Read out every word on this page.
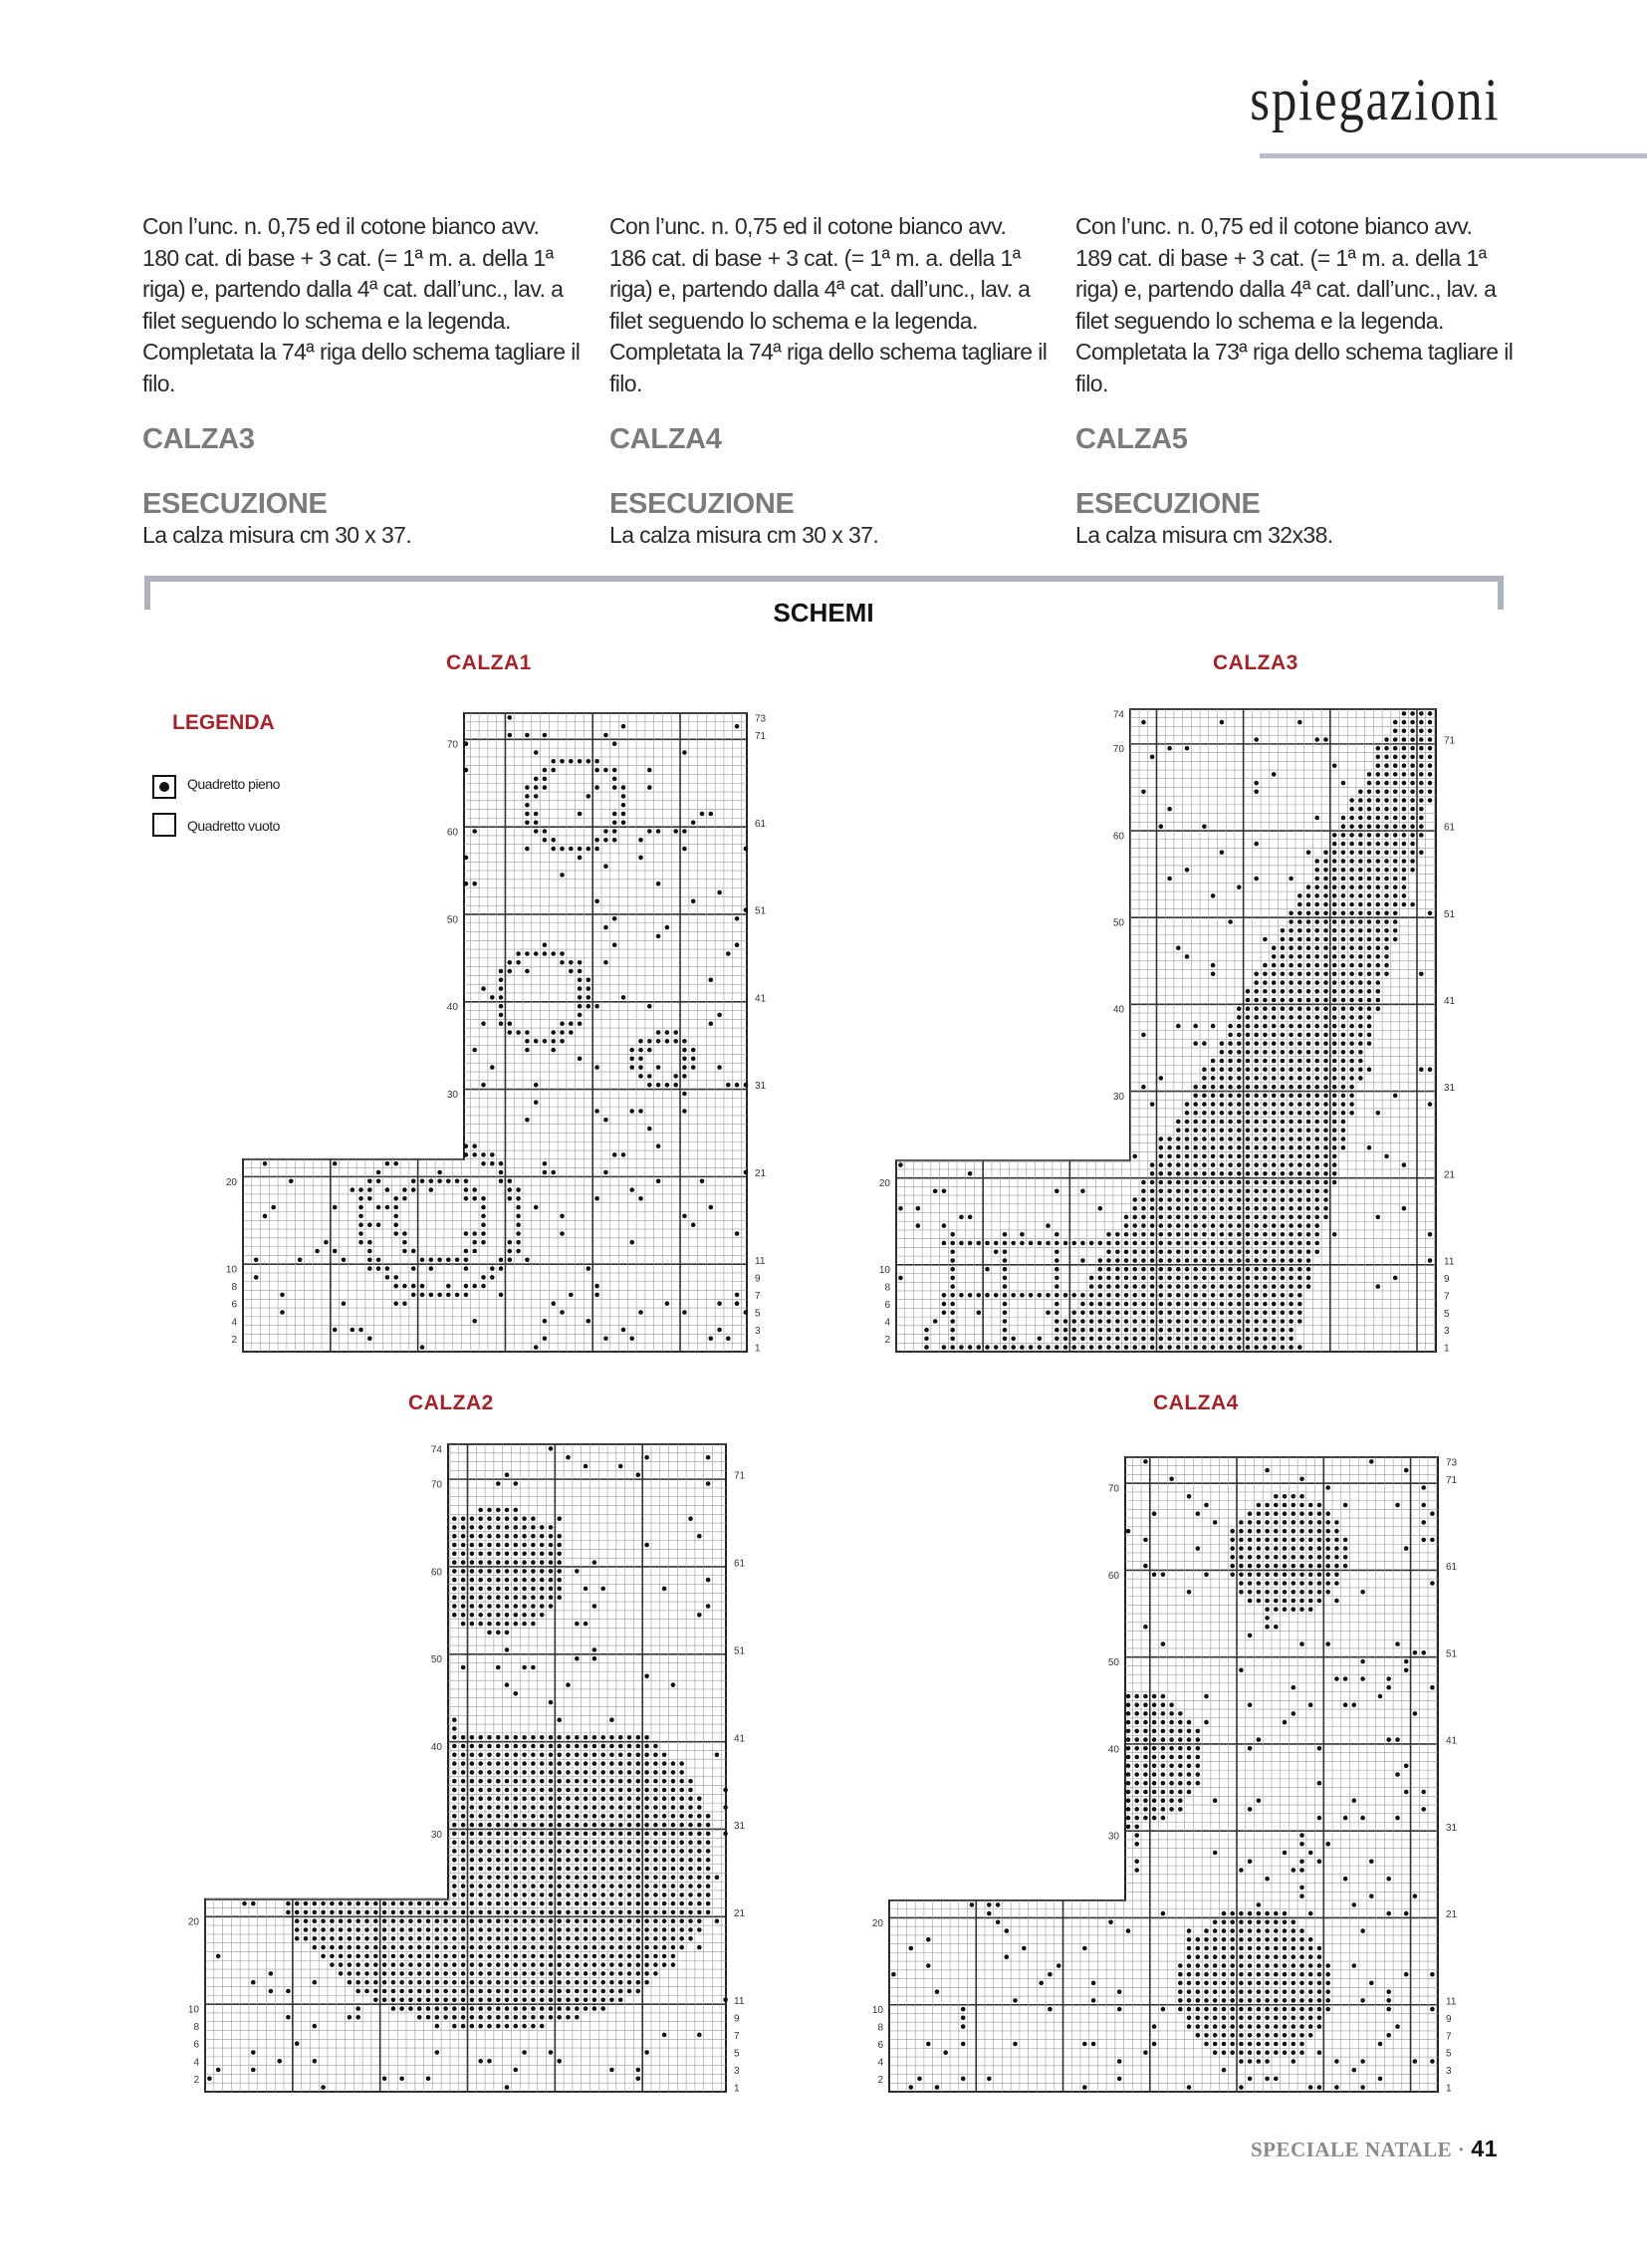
spiegazioni

Con l’unc. n. 0,75 ed il cotone bianco avv. 180 cat. di base + 3 cat. (= 1ª m. a. della 1ª riga) e, partendo dalla 4ª cat. dall’unc., lav. a filet seguendo lo schema e la legenda. Completata la 74ª riga dello schema tagliare il filo.

CALZA3
ESECUZIONE

La calza misura cm 30 x 37.

Con l’unc. n. 0,75 ed il cotone bianco avv. 186 cat. di base + 3 cat. (= 1ª m. a. della 1ª riga) e, partendo dalla 4ª cat. dall’unc., lav. a filet seguendo lo schema e la legenda. Completata la 74ª riga dello schema tagliare il filo.

CALZA4
ESECUZIONE

La calza misura cm 30 x 37.

Con l’unc. n. 0,75 ed il cotone bianco avv. 189 cat. di base + 3 cat. (= 1ª m. a. della 1ª riga) e, partendo dalla 4ª cat. dall’unc., lav. a filet seguendo lo schema e la legenda. Completata la 73ª riga dello schema tagliare il filo.

CALZA5
ESECUZIONE

La calza misura cm 32x38.

SCHEMI
LEGENDA
Quadretto pieno
Quadretto vuoto
CALZA1	CALZA3
CALZA2	CALZA4
70
60
50
40
30
20
10
8
6
4
2
73
71
61
51
41
31
21
11
9
7
5
3
1
74
70
60
50
40
30
20
10
8
6
4
2
71
61
51
41
31
21
11
9
7
5
3
1
74
70
60
50
40
30
20
10
8
6
4
2
71
61
51
41
31
21
11
9
7
5
3
1
70
60
50
40
30
20
10
8
6
4
2
73
71
61
51
41
31
21
11
9
7
5
3
1
SPECIALE NATALE · 41
